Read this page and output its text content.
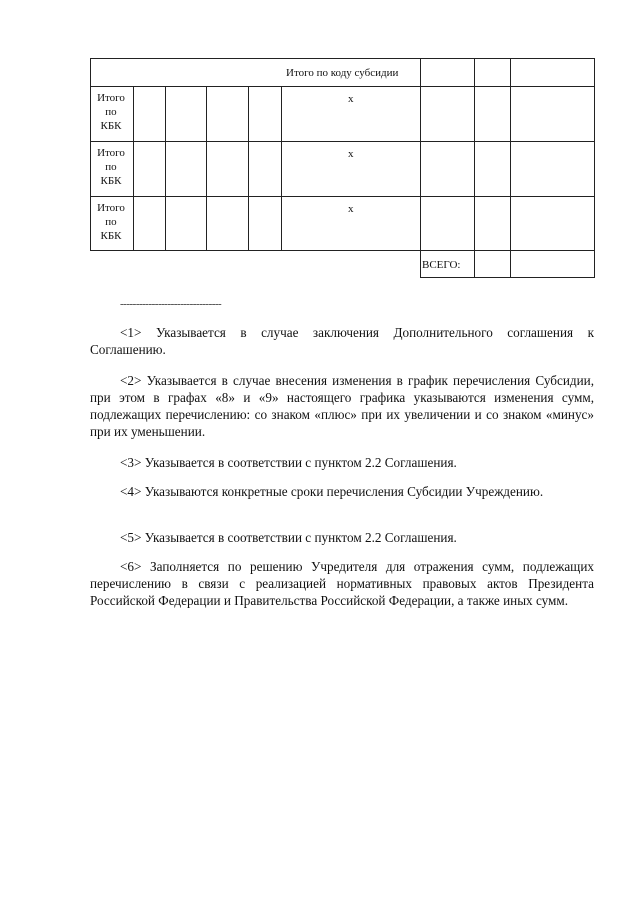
Итого по коду субсидии
Итого
по
КБК
x
Итого
по
КБК
x
Итого
по
КБК
x
ВСЕГО:
--------------------------------

<1> Указывается в случае заключения Дополнительного соглашения к Соглашению.

<2> Указывается в случае внесения изменения в график перечисления Субсидии, при этом в графах «8» и «9» настоящего графика указываются изменения сумм, подлежащих перечислению: со знаком «плюс» при их увеличении и со знаком «минус» при их уменьшении.

<3> Указывается в соответствии с пунктом 2.2 Соглашения.

<4> Указываются конкретные сроки перечисления Субсидии Учреждению.

<5> Указывается в соответствии с пунктом 2.2 Соглашения.

<6> Заполняется по решению Учредителя для отражения сумм, подлежащих перечислению в связи с реализацией нормативных правовых актов Президента Российской Федерации и Правительства Российской Федерации, а также иных сумм.
